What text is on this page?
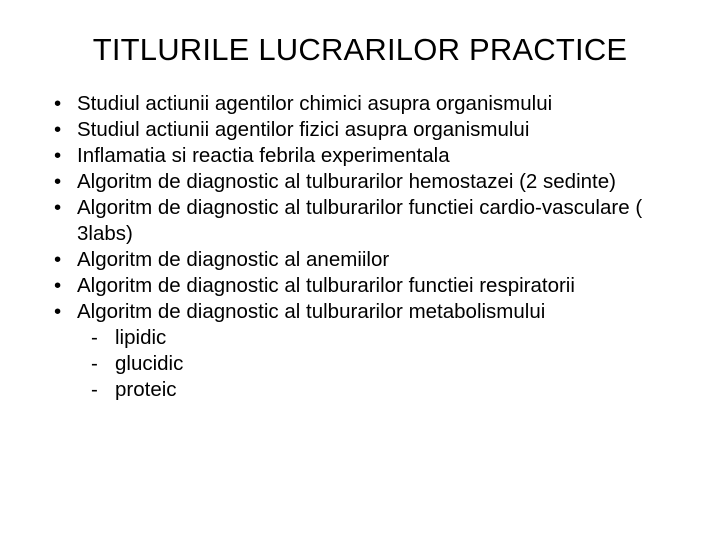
TITLURILE LUCRARILOR PRACTICE
• Studiul actiunii agentilor chimici asupra organismului
• Studiul actiunii agentilor fizici asupra organismului
• Inflamatia si reactia febrila experimentala
• Algoritm de diagnostic al tulburarilor hemostazei (2 sedinte)
• Algoritm de diagnostic al tulburarilor functiei cardio-vasculare ( 3labs)
• Algoritm de diagnostic al anemiilor
• Algoritm de diagnostic al tulburarilor functiei respiratorii
• Algoritm de diagnostic al tulburarilor metabolismului
- lipidic
- glucidic
- proteic
